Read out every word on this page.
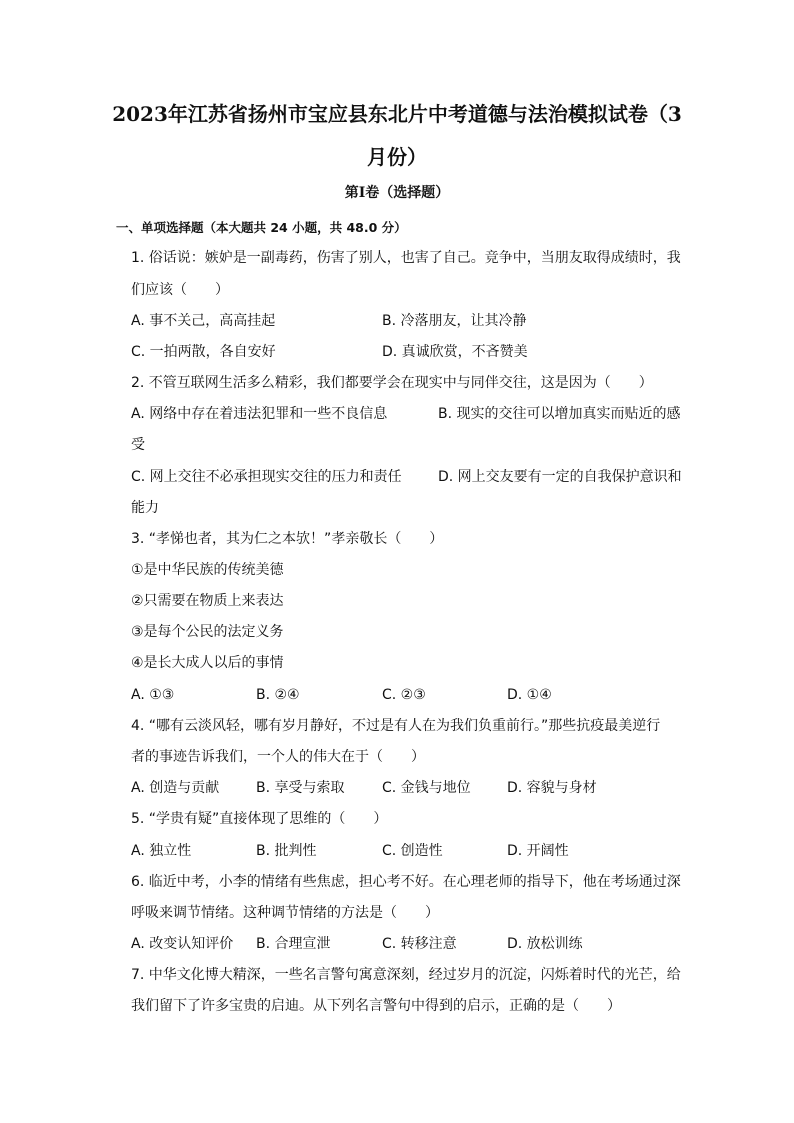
2023年江苏省扬州市宝应县东北片中考道德与法治模拟试卷（3
月份）
第I卷（选择题）
一、单项选择题（本大题共 24 小题，共 48.0 分）
1. 俗话说：嫉妒是一副毒药，伤害了别人，也害了自己。竞争中，当朋友取得成绩时，我
们应该（　　）
A. 事不关己，高高挂起	B. 冷落朋友，让其冷静
C. 一拍两散，各自安好	D. 真诚欣赏，不吝赞美
2. 不管互联网生活多么精彩，我们都要学会在现实中与同伴交往，这是因为（　　）
A. 网络中存在着违法犯罪和一些不良信息	B. 现实的交往可以增加真实而贴近的感
受
C. 网上交往不必承担现实交往的压力和责任	D. 网上交友要有一定的自我保护意识和
能力
3. “孝悌也者，其为仁之本欤！”孝亲敬长（　　）
①是中华民族的传统美德
②只需要在物质上来表达
③是每个公民的法定义务
④是长大成人以后的事情
A. ①③	B. ②④	C. ②③	D. ①④
4. “哪有云淡风轻，哪有岁月静好，不过是有人在为我们负重前行。”那些抗疫最美逆行
者的事迹告诉我们，一个人的伟大在于（　　）
A. 创造与贡献	B. 享受与索取	C. 金钱与地位	D. 容貌与身材
5. “学贵有疑”直接体现了思维的（　　）
A. 独立性	B. 批判性	C. 创造性	D. 开阔性
6. 临近中考，小李的情绪有些焦虑，担心考不好。在心理老师的指导下，他在考场通过深
呼吸来调节情绪。这种调节情绪的方法是（　　）
A. 改变认知评价 B. 合理宣泄	C. 转移注意	D. 放松训练
7. 中华文化博大精深，一些名言警句寓意深刻，经过岁月的沉淀，闪烁着时代的光芒，给
我们留下了许多宝贵的启迪。从下列名言警句中得到的启示，正确的是（　　）
